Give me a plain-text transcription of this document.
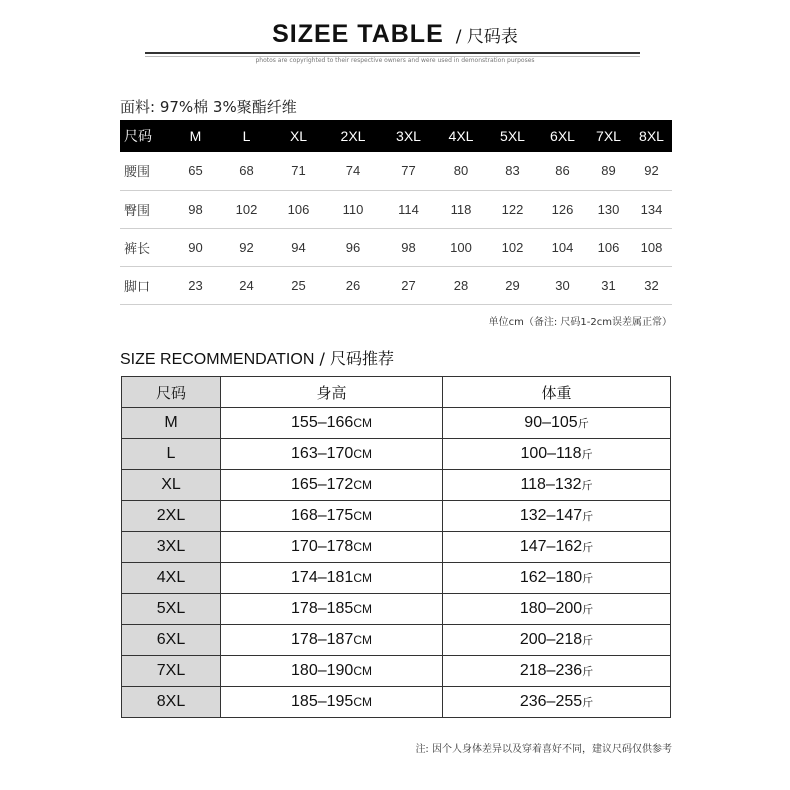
SIZEE TABLE / 尺码表
photos are copyrighted to their respective owners and were used in demonstration purposes
面料: 97%棉 3%聚酯纤维
尺码	M	L	XL	2XL	3XL	4XL	5XL	6XL	7XL	8XL
腰围	65	68	71	74	77	80	83	86	89	92
臀围	98	102	106	110	114	118	122	126	130	134
裤长	90	92	94	96	98	100	102	104	106	108
脚口	23	24	25	26	27	28	29	30	31	32
单位cm（备注: 尺码1-2cm误差属正常）
SIZE RECOMMENDATION / 尺码推荐
尺码	身高	体重
M	155–166CM	90–105斤
L	163–170CM	100–118斤
XL	165–172CM	118–132斤
2XL	168–175CM	132–147斤
3XL	170–178CM	147–162斤
4XL	174–181CM	162–180斤
5XL	178–185CM	180–200斤
6XL	178–187CM	200–218斤
7XL	180–190CM	218–236斤
8XL	185–195CM	236–255斤
注: 因个人身体差异以及穿着喜好不同，建议尺码仅供参考
